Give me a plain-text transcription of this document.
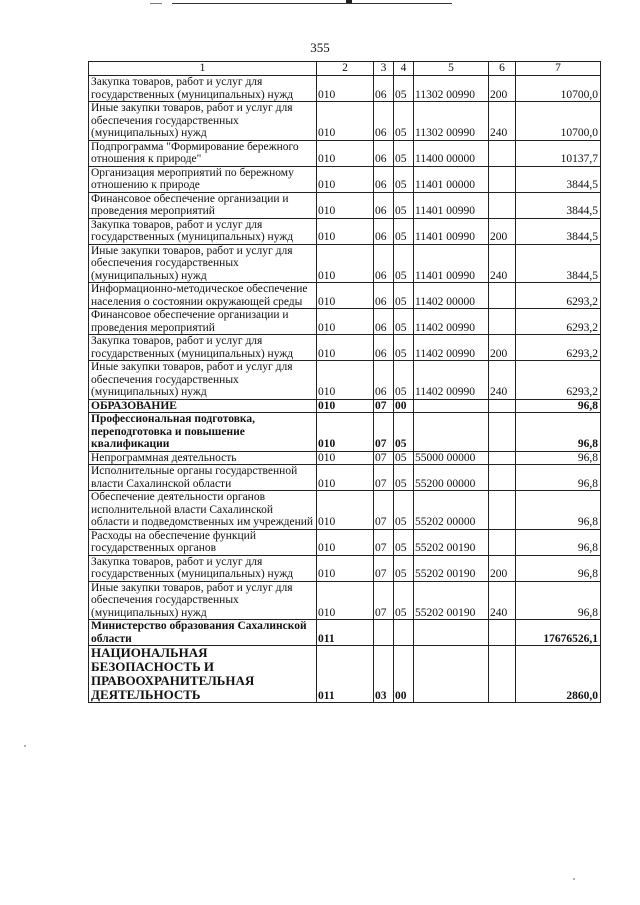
355
1	2	3	4	5	6	7
Закупка товаров, работ и услуг для государственных (муниципальных) нужд	010	06	05	11302 00990	200	10700,0
Иные закупки товаров, работ и услуг для обеспечения государственных (муниципальных) нужд	010	06	05	11302 00990	240	10700,0
Подпрограмма "Формирование бережного отношения к природе"	010	06	05	11400 00000		10137,7
Организация мероприятий по бережному отношению к природе	010	06	05	11401 00000		3844,5
Финансовое обеспечение организации и проведения мероприятий	010	06	05	11401 00990		3844,5
Закупка товаров, работ и услуг для государственных (муниципальных) нужд	010	06	05	11401 00990	200	3844,5
Иные закупки товаров, работ и услуг для обеспечения государственных (муниципальных) нужд	010	06	05	11401 00990	240	3844,5
Информационно-методическое обеспечение населения о состоянии окружающей среды	010	06	05	11402 00000		6293,2
Финансовое обеспечение организации и проведения мероприятий	010	06	05	11402 00990		6293,2
Закупка товаров, работ и услуг для государственных (муниципальных) нужд	010	06	05	11402 00990	200	6293,2
Иные закупки товаров, работ и услуг для обеспечения государственных (муниципальных) нужд	010	06	05	11402 00990	240	6293,2
ОБРАЗОВАНИЕ	010	07	00			96,8
Профессиональная подготовка, переподготовка и повышение квалификации	010	07	05			96,8
Непрограммная деятельность	010	07	05	55000 00000		96,8
Исполнительные органы государственной власти Сахалинской области	010	07	05	55200 00000		96,8
Обеспечение деятельности органов исполнительной власти Сахалинской области и подведомственных им учреждений	010	07	05	55202 00000		96,8
Расходы на обеспечение функций государственных органов	010	07	05	55202 00190		96,8
Закупка товаров, работ и услуг для государственных (муниципальных) нужд	010	07	05	55202 00190	200	96,8
Иные закупки товаров, работ и услуг для обеспечения государственных (муниципальных) нужд	010	07	05	55202 00190	240	96,8
Министерство образования Сахалинской области	011					17676526,1
НАЦИОНАЛЬНАЯ БЕЗОПАСНОСТЬ И ПРАВООХРАНИТЕЛЬНАЯ ДЕЯТЕЛЬНОСТЬ	011	03	00			2860,0
